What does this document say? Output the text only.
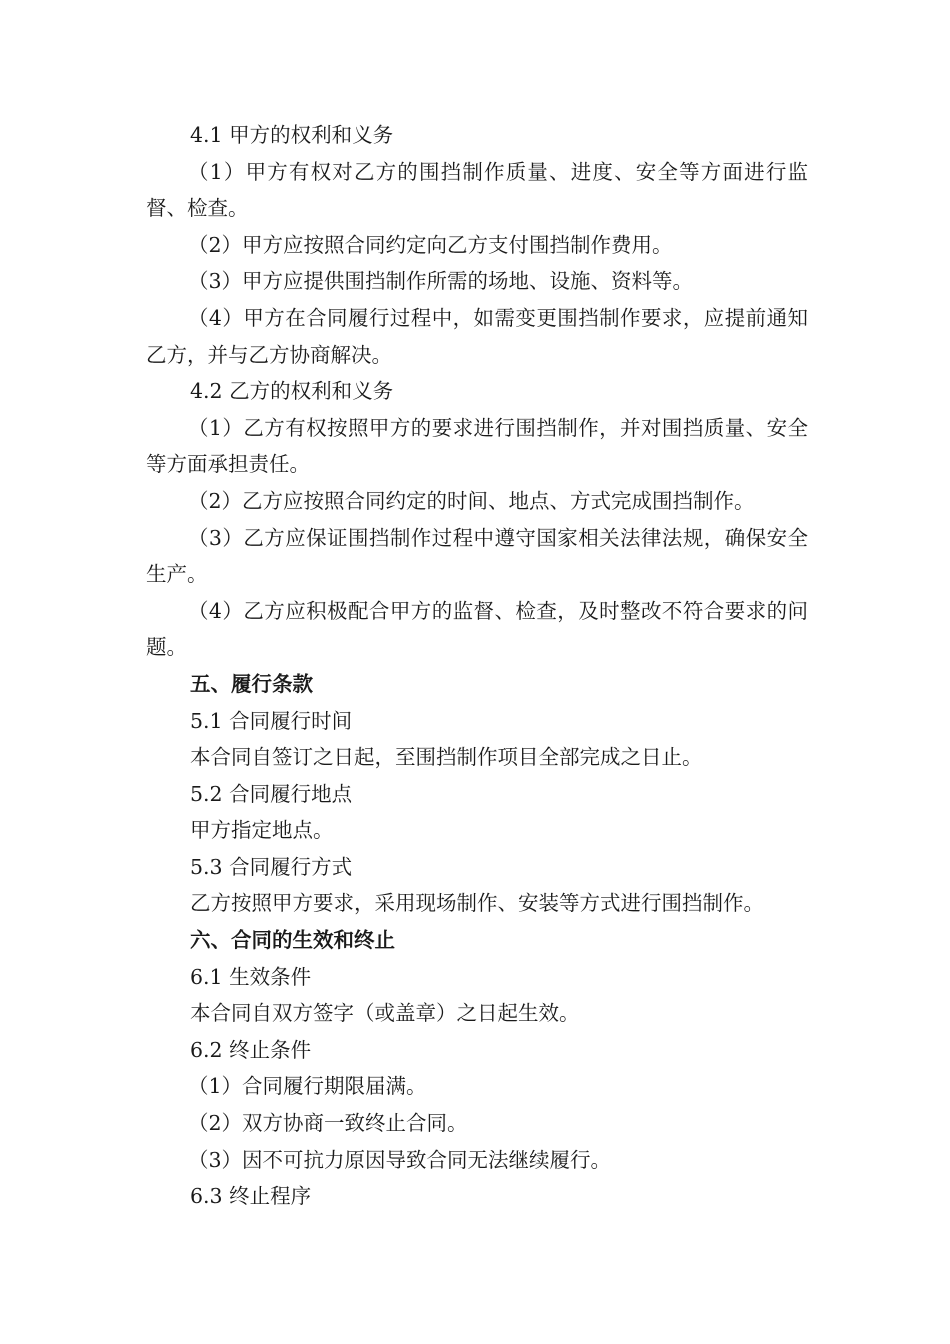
4.1 甲方的权利和义务

（1）甲方有权对乙方的围挡制作质量、进度、安全等方面进行监督、检查。

（2）甲方应按照合同约定向乙方支付围挡制作费用。

（3）甲方应提供围挡制作所需的场地、设施、资料等。

（4）甲方在合同履行过程中，如需变更围挡制作要求，应提前通知乙方，并与乙方协商解决。

4.2 乙方的权利和义务

（1）乙方有权按照甲方的要求进行围挡制作，并对围挡质量、安全等方面承担责任。

（2）乙方应按照合同约定的时间、地点、方式完成围挡制作。

（3）乙方应保证围挡制作过程中遵守国家相关法律法规，确保安全生产。

（4）乙方应积极配合甲方的监督、检查，及时整改不符合要求的问题。

五、履行条款

5.1 合同履行时间

本合同自签订之日起，至围挡制作项目全部完成之日止。

5.2 合同履行地点

甲方指定地点。

5.3 合同履行方式

乙方按照甲方要求，采用现场制作、安装等方式进行围挡制作。

六、合同的生效和终止

6.1 生效条件

本合同自双方签字（或盖章）之日起生效。

6.2 终止条件

（1）合同履行期限届满。

（2）双方协商一致终止合同。

（3）因不可抗力原因导致合同无法继续履行。

6.3 终止程序
